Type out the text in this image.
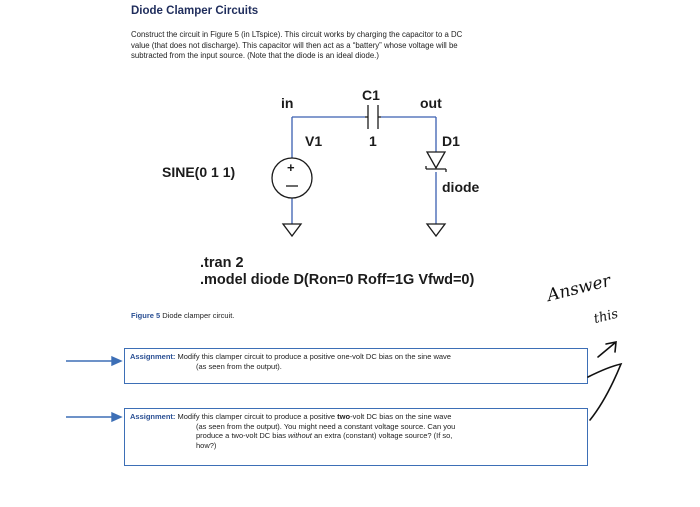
Diode Clamper Circuits

Construct the circuit in Figure 5 (in LTspice). This circuit works by charging the capacitor to a DC

value (that does not discharge). This capacitor will then act as a “battery” whose voltage will be

subtracted from the input source. (Note that the diode is an ideal diode.)

+
in	C1	out
V1	1	D1
SINE(0 1 1)
diode
.tran 2
.model diode D(Ron=0 Roff=1G Vfwd=0)
Figure 5 Diode clamper circuit.
Assignment: Modify this clamper circuit to produce a positive one-volt DC bias on the sine wave
(as seen from the output).
Assignment: Modify this clamper circuit to produce a positive two-volt DC bias on the sine wave
(as seen from the output). You might need a constant voltage source. Can you
produce a two-volt DC bias without an extra (constant) voltage source? (If so,
how?)
Answer
this
